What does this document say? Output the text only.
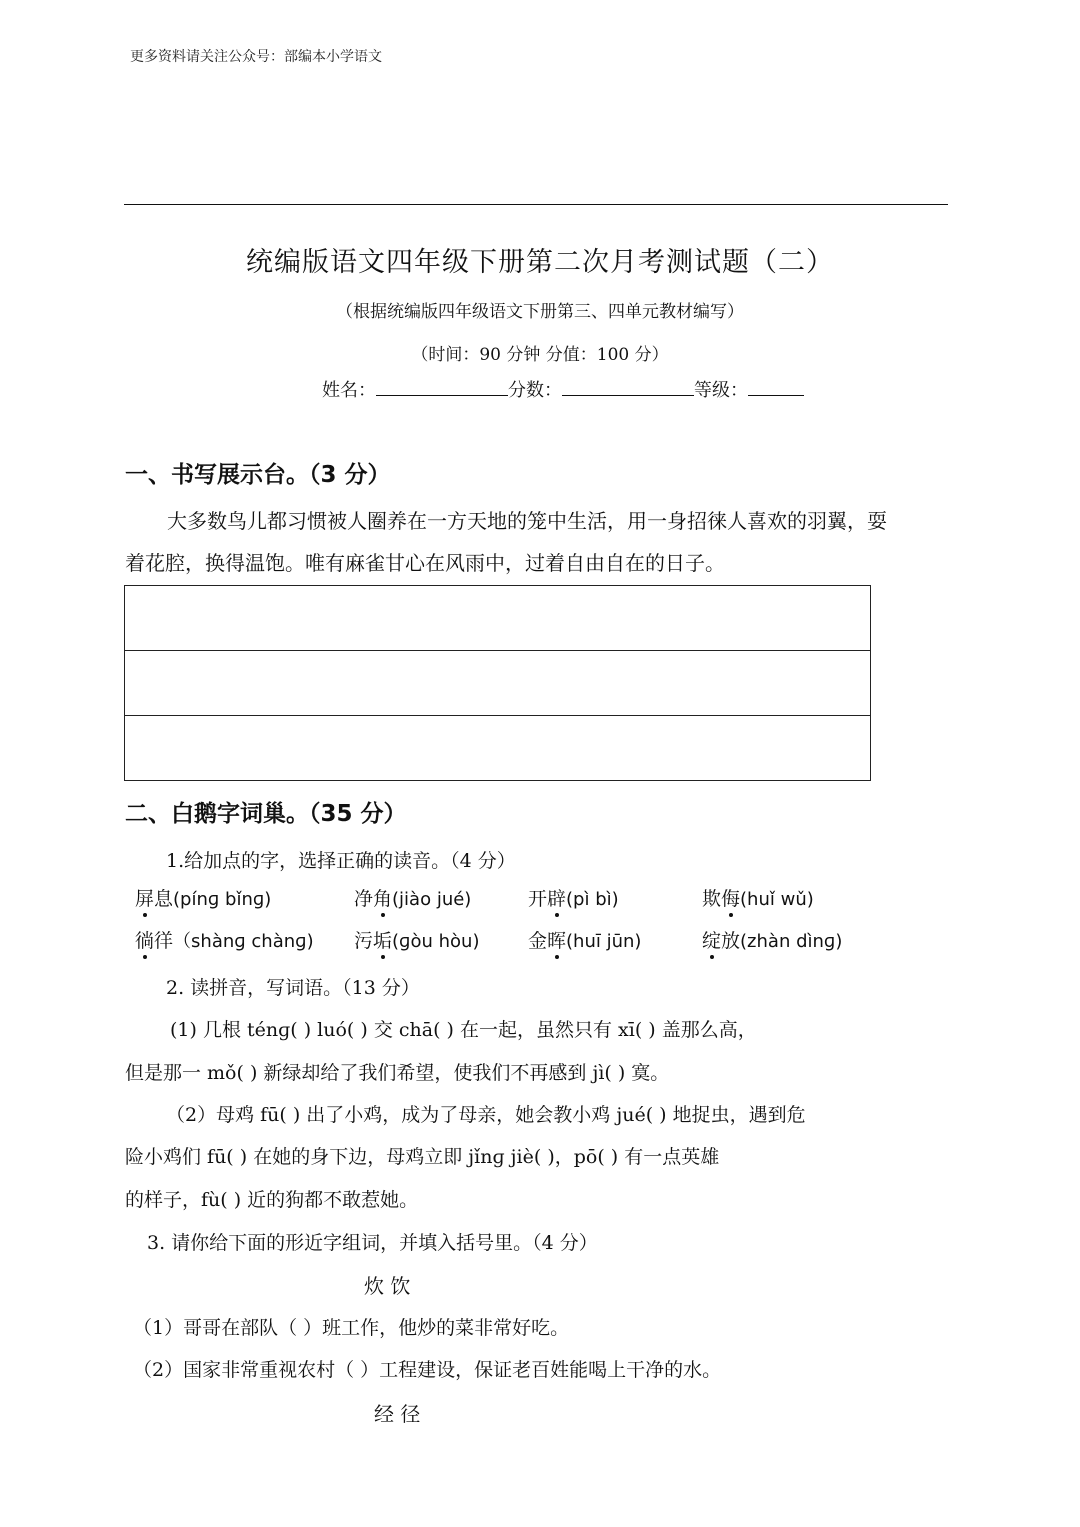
更多资料请关注公众号：部编本小学语文
统编版语文四年级下册第二次月考测试题（二）
（根据统编版四年级语文下册第三、四单元教材编写）
（时间：90 分钟 分值：100 分）
姓名：	分数：	等级：
一、书写展示台。（3 分）
大多数鸟儿都习惯被人圈养在一方天地的笼中生活，用一身招徕人喜欢的羽翼，耍
着花腔，换得温饱。唯有麻雀甘心在风雨中，过着自由自在的日子。
二、白鹅字词巢。（35 分）
1.给加点的字，选择正确的读音。（4 分）
屏息(pínɡ bǐnɡ)	净角(jiào jué)	开辟(pì bì)	欺侮(huǐ wǔ)
徜徉（shànɡ chànɡ) 污垢(ɡòu hòu)	金晖(huī jūn)	绽放(zhàn dìnɡ)
2. 读拼音，写词语。（13 分）
(1) 几根 ténɡ( ) luó( ) 交 chā( ) 在一起，虽然只有 xī( ) 盖那么高，
但是那一 mǒ( ) 新绿却给了我们希望，使我们不再感到 jì( ) 寞。
（2）母鸡 fū( ) 出了小鸡，成为了母亲，她会教小鸡 jué( ) 地捉虫，遇到危
险小鸡们 fū( ) 在她的身下边，母鸡立即 jǐnɡ jiè( )，pō( ) 有一点英雄
的样子，fù( ) 近的狗都不敢惹她。
3. 请你给下面的形近字组词，并填入括号里。（4 分）
炊 饮
（1）哥哥在部队（ ）班工作，他炒的菜非常好吃。
（2）国家非常重视农村（ ）工程建设，保证老百姓能喝上干净的水。
经 径
